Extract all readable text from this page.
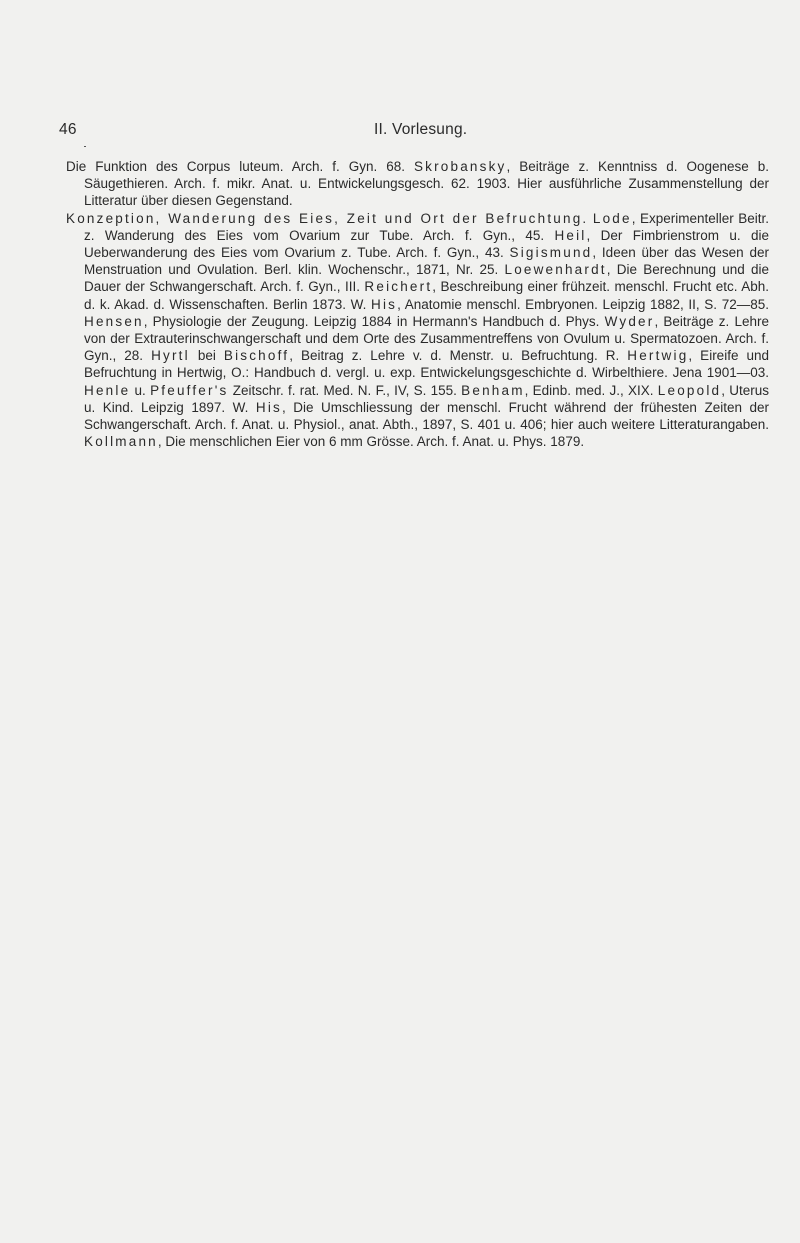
46	II. Vorlesung.

Die Funktion des Corpus luteum. Arch. f. Gyn. 68. Skrobansky, Beiträge z. Kenntniss d. Oogenese b. Säugethieren. Arch. f. mikr. Anat. u. Entwickelungsgesch. 62. 1903. Hier ausführliche Zusammenstellung der Litteratur über diesen Gegenstand.

Konzeption, Wanderung des Eies, Zeit und Ort der Befruchtung. Lode, Experimenteller Beitr. z. Wanderung des Eies vom Ovarium zur Tube. Arch. f. Gyn., 45. Heil, Der Fimbrienstrom u. die Ueberwanderung des Eies vom Ovarium z. Tube. Arch. f. Gyn., 43. Sigismund, Ideen über das Wesen der Menstruation und Ovulation. Berl. klin. Wochenschr., 1871, Nr. 25. Loewenhardt, Die Berechnung und die Dauer der Schwangerschaft. Arch. f. Gyn., III. Reichert, Beschreibung einer frühzeit. menschl. Frucht etc. Abh. d. k. Akad. d. Wissenschaften. Berlin 1873. W. His, Anatomie menschl. Embryonen. Leipzig 1882, II, S. 72—85. Hensen, Physiologie der Zeugung. Leipzig 1884 in Hermann's Handbuch d. Phys. Wyder, Beiträge z. Lehre von der Extrauterinschwangerschaft und dem Orte des Zusammentreffens von Ovulum u. Spermatozoen. Arch. f. Gyn., 28. Hyrtl bei Bischoff, Beitrag z. Lehre v. d. Menstr. u. Befruchtung. R. Hertwig, Eireife und Befruchtung in Hertwig, O.: Handbuch d. vergl. u. exp. Entwickelungsgeschichte d. Wirbelthiere. Jena 1901—03. Henle u. Pfeuffer's Zeitschr. f. rat. Med. N. F., IV, S. 155. Benham, Edinb. med. J., XIX. Leopold, Uterus u. Kind. Leipzig 1897. W. His, Die Umschliessung der menschl. Frucht während der frühesten Zeiten der Schwangerschaft. Arch. f. Anat. u. Physiol., anat. Abth., 1897, S. 401 u. 406; hier auch weitere Litteraturangaben. Kollmann, Die menschlichen Eier von 6 mm Grösse. Arch. f. Anat. u. Phys. 1879.
